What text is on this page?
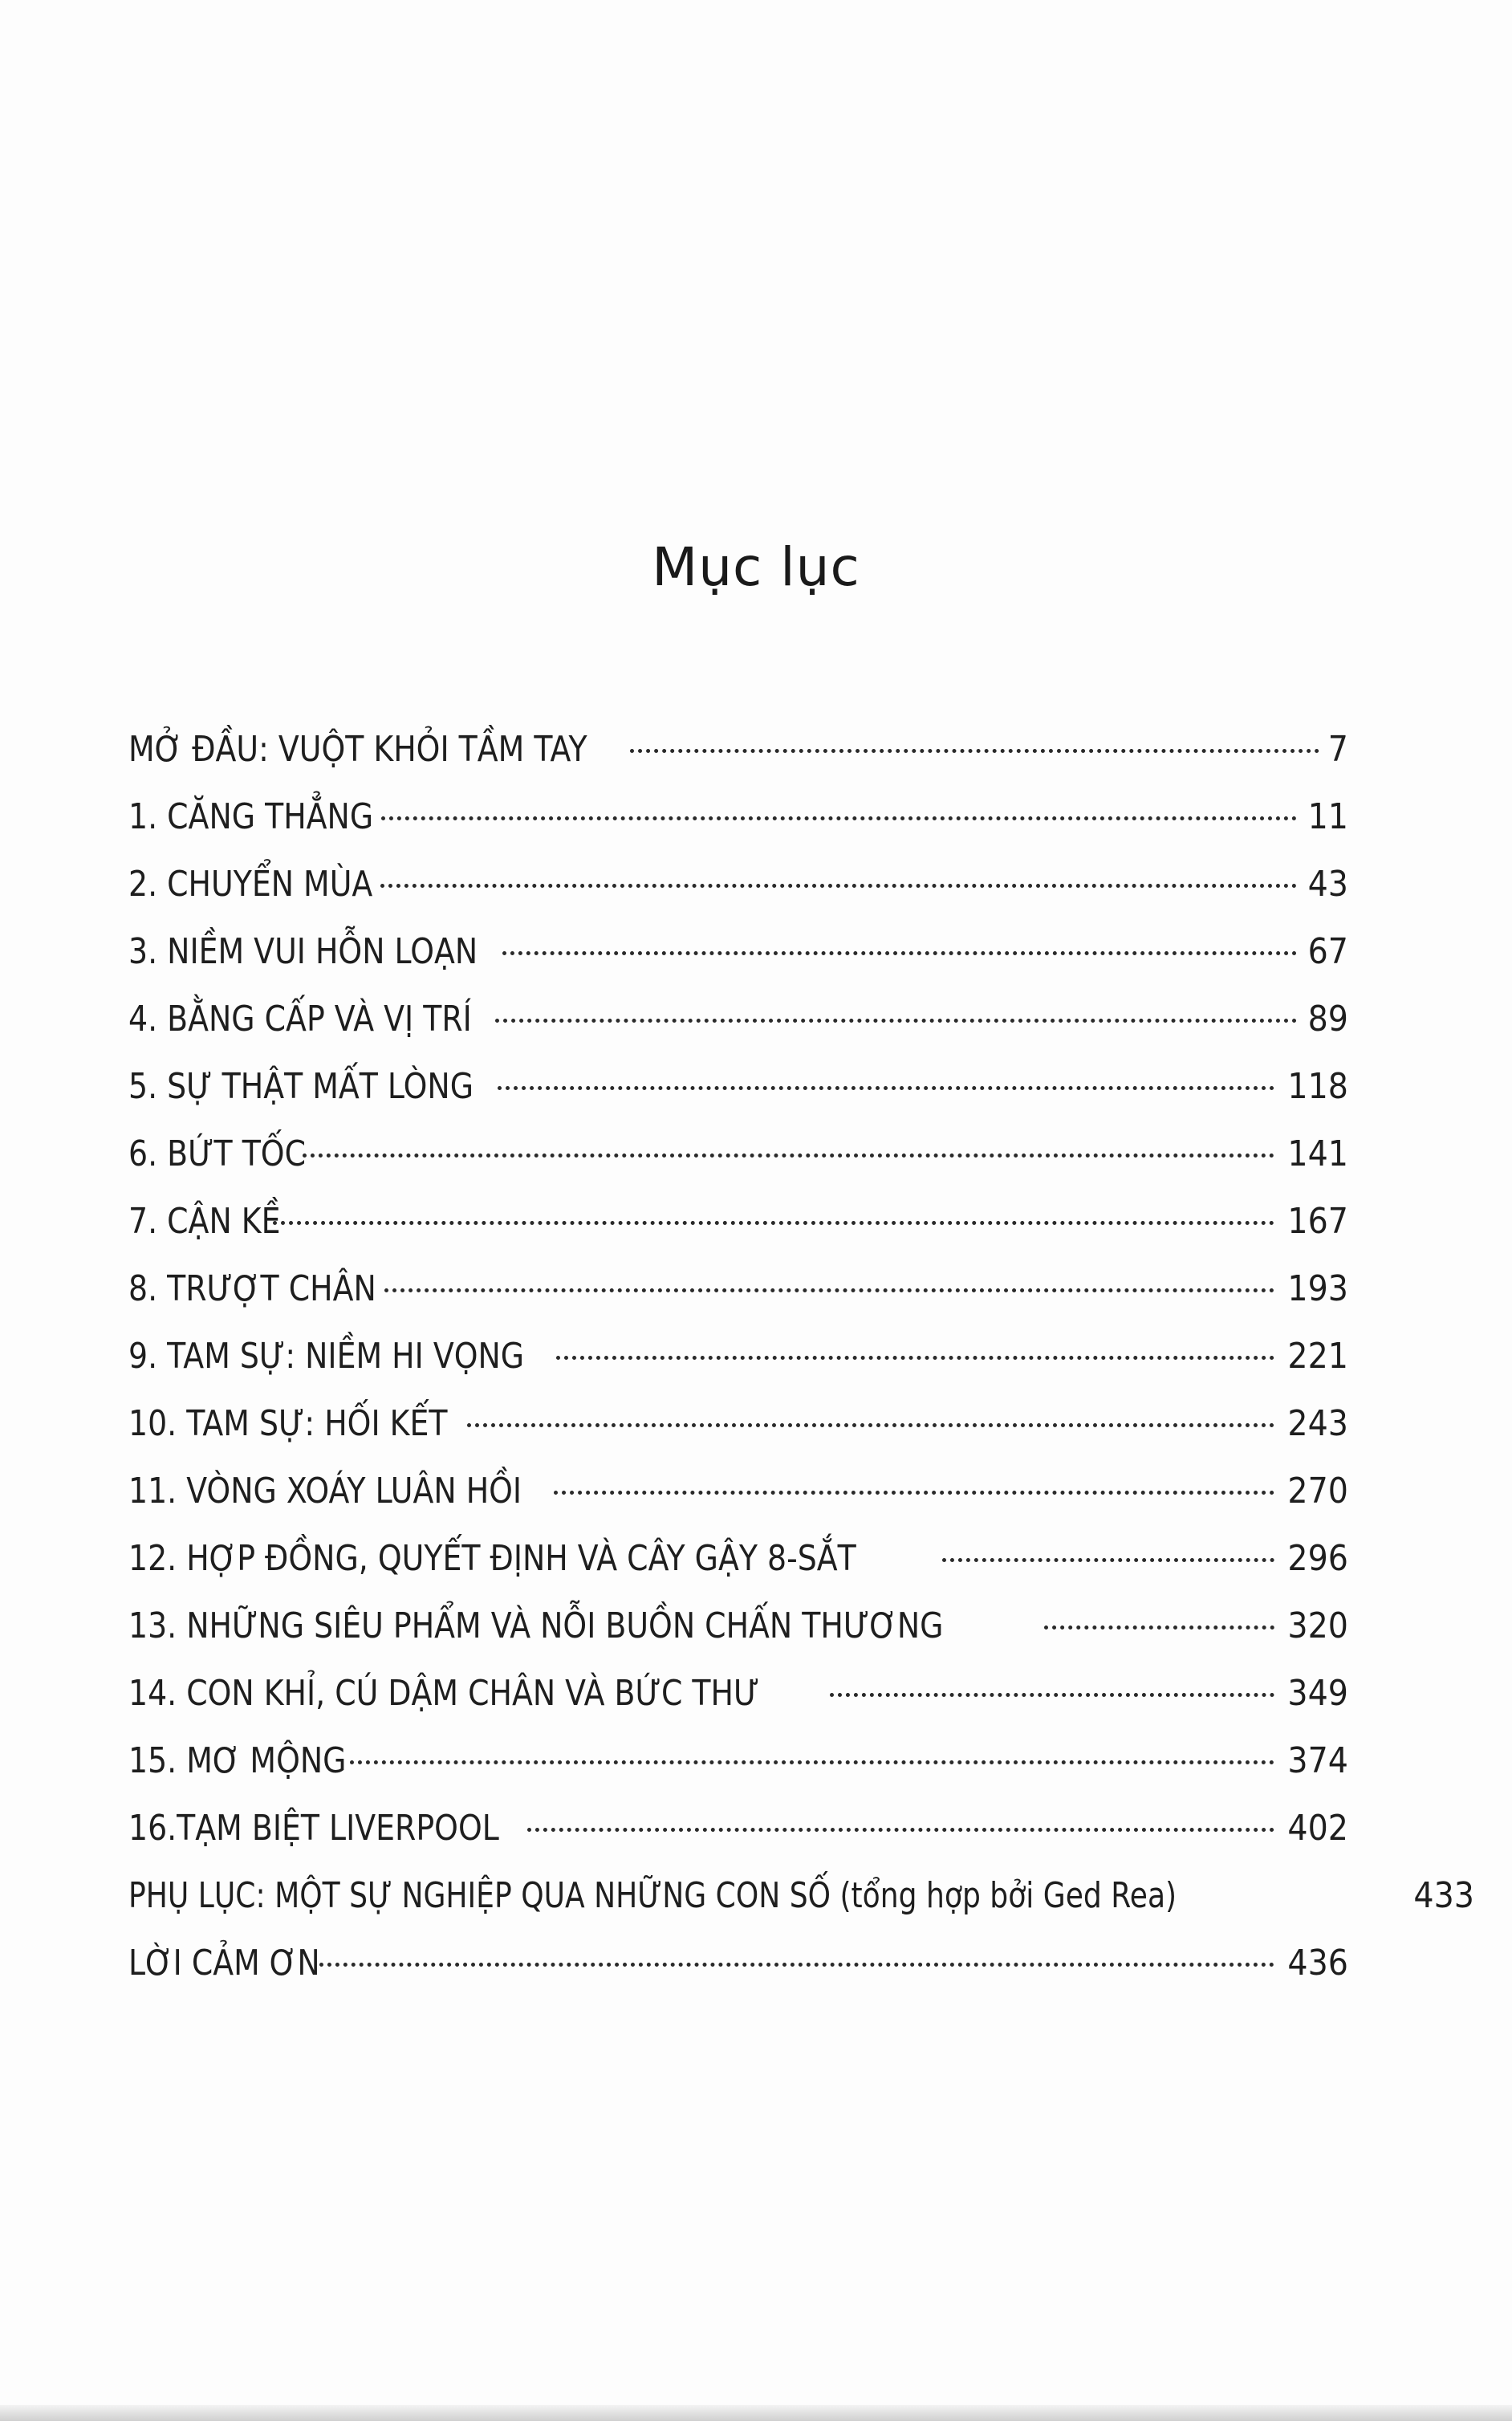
Mục lục
MỞ ĐẦU: VUỘT KHỎI TẦM TAY	7
1. CĂNG THẲNG	11
2. CHUYỂN MÙA	43
3. NIỀM VUI HỖN LOẠN	67
4. BẰNG CẤP VÀ VỊ TRÍ	89
5. SỰ THẬT MẤT LÒNG	118
6. BỨT TỐC	141
7. CẬN KỀ	167
8. TRƯỢT CHÂN	193
9. TAM SỰ: NIỀM HI VỌNG	221
10. TAM SỰ: HỐI KẾT	243
11. VÒNG XOÁY LUÂN HỒI	270
12. HỢP ĐỒNG, QUYẾT ĐỊNH VÀ CÂY GẬY 8-SẮT	296
13. NHỮNG SIÊU PHẨM VÀ NỖI BUỒN CHẤN THƯƠNG	320
14. CON KHỈ, CÚ DẬM CHÂN VÀ BỨC THƯ	349
15. MƠ MỘNG	374
16.TẠM BIỆT LIVERPOOL	402
PHỤ LỤC: MỘT SỰ NGHIỆP QUA NHỮNG CON SỐ (tổng hợp bởi Ged Rea)	433
LỜI CẢM ƠN	436
